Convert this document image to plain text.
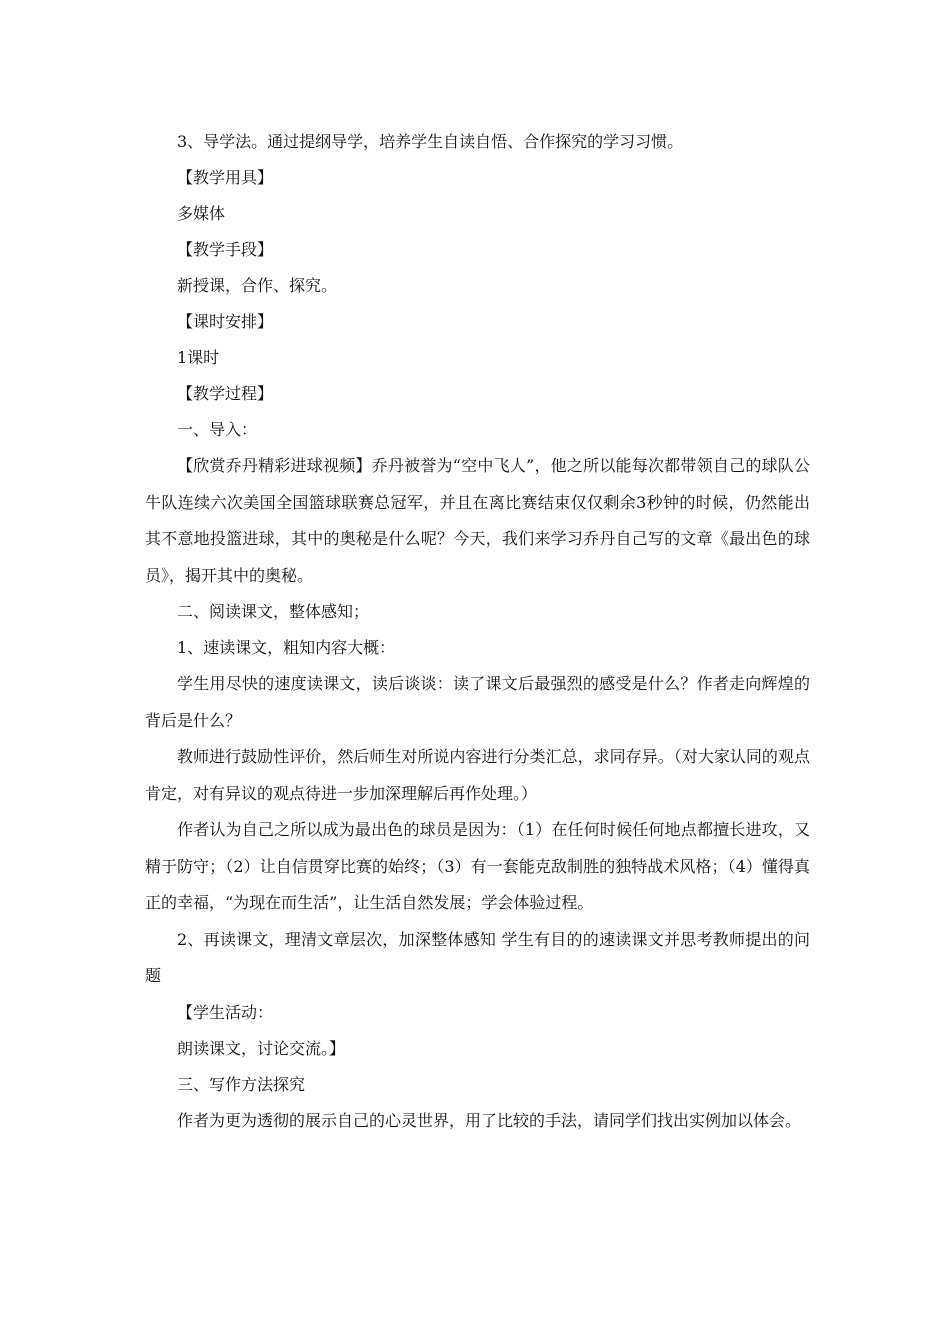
3、导学法。通过提纲导学，培养学生自读自悟、合作探究的学习习惯。

【教学用具】

多媒体

【教学手段】

新授课，合作、探究。

【课时安排】

1课时

【教学过程】

一、导入：

【欣赏乔丹精彩进球视频】乔丹被誉为“空中飞人”，他之所以能每次都带领自己的球队公牛队连续六次美国全国篮球联赛总冠军，并且在离比赛结束仅仅剩余3秒钟的时候，仍然能出其不意地投篮进球，其中的奥秘是什么呢？今天，我们来学习乔丹自己写的文章《最出色的球员》，揭开其中的奥秘。

二、阅读课文，整体感知；

1、速读课文，粗知内容大概：

学生用尽快的速度读课文，读后谈谈：读了课文后最强烈的感受是什么？作者走向辉煌的背后是什么？

教师进行鼓励性评价，然后师生对所说内容进行分类汇总，求同存异。（对大家认同的观点肯定，对有异议的观点待进一步加深理解后再作处理。）

作者认为自己之所以成为最出色的球员是因为：（1）在任何时候任何地点都擅长进攻，又精于防守；（2）让自信贯穿比赛的始终；（3）有一套能克敌制胜的独特战术风格；（4）懂得真正的幸福，“为现在而生活”，让生活自然发展；学会体验过程。

2、再读课文，理清文章层次，加深整体感知 学生有目的的速读课文并思考教师提出的问题

【学生活动：

朗读课文，讨论交流。】

三、写作方法探究

作者为更为透彻的展示自己的心灵世界，用了比较的手法，请同学们找出实例加以体会。
